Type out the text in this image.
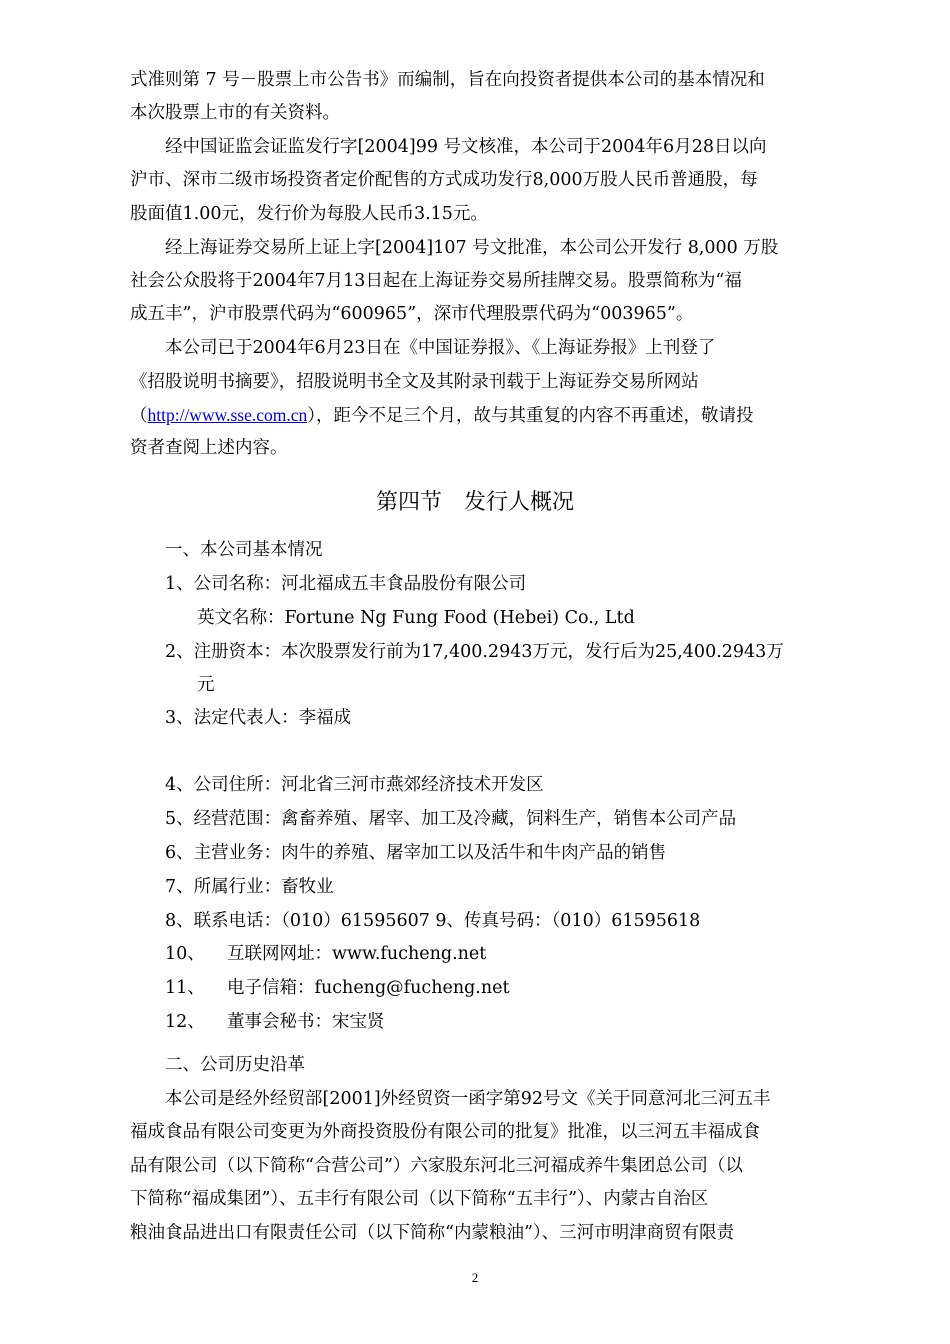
式准则第 7 号－股票上市公告书》而编制，旨在向投资者提供本公司的基本情况和
本次股票上市的有关资料。
经中国证监会证监发行字[2004]99 号文核准，本公司于2004年6月28日以向
沪市、深市二级市场投资者定价配售的方式成功发行8,000万股人民币普通股，每
股面值1.00元，发行价为每股人民币3.15元。
经上海证券交易所上证上字[2004]107 号文批准，本公司公开发行 8,000 万股
社会公众股将于2004年7月13日起在上海证券交易所挂牌交易。股票简称为“福
成五丰”，沪市股票代码为“600965”，深市代理股票代码为“003965”。
本公司已于2004年6月23日在《中国证券报》、《上海证券报》上刊登了
《招股说明书摘要》，招股说明书全文及其附录刊载于上海证券交易所网站
（http://www.sse.com.cn），距今不足三个月，故与其重复的内容不再重述，敬请投
资者查阅上述内容。
第四节　发行人概况
一、本公司基本情况
1、公司名称：河北福成五丰食品股份有限公司
英文名称：Fortune Ng Fung Food (Hebei) Co., Ltd
2、注册资本：本次股票发行前为17,400.2943万元，发行后为25,400.2943万
元
3、法定代表人：李福成
4、公司住所：河北省三河市燕郊经济技术开发区
5、经营范围：禽畜养殖、屠宰、加工及冷藏，饲料生产，销售本公司产品
6、主营业务：肉牛的养殖、屠宰加工以及活牛和牛肉产品的销售
7、所属行业：畜牧业
8、联系电话：（010）61595607 9、传真号码：（010）61595618
10、 互联网网址：www.fucheng.net
11、 电子信箱：fucheng@fucheng.net
12、 董事会秘书：宋宝贤
二、公司历史沿革
本公司是经外经贸部[2001]外经贸资一函字第92号文《关于同意河北三河五丰
福成食品有限公司变更为外商投资股份有限公司的批复》批准，以三河五丰福成食
品有限公司（以下简称“合营公司”）六家股东河北三河福成养牛集团总公司（以
下简称“福成集团”）、五丰行有限公司（以下简称“五丰行”）、内蒙古自治区
粮油食品进出口有限责任公司（以下简称“内蒙粮油”）、三河市明津商贸有限责
2
